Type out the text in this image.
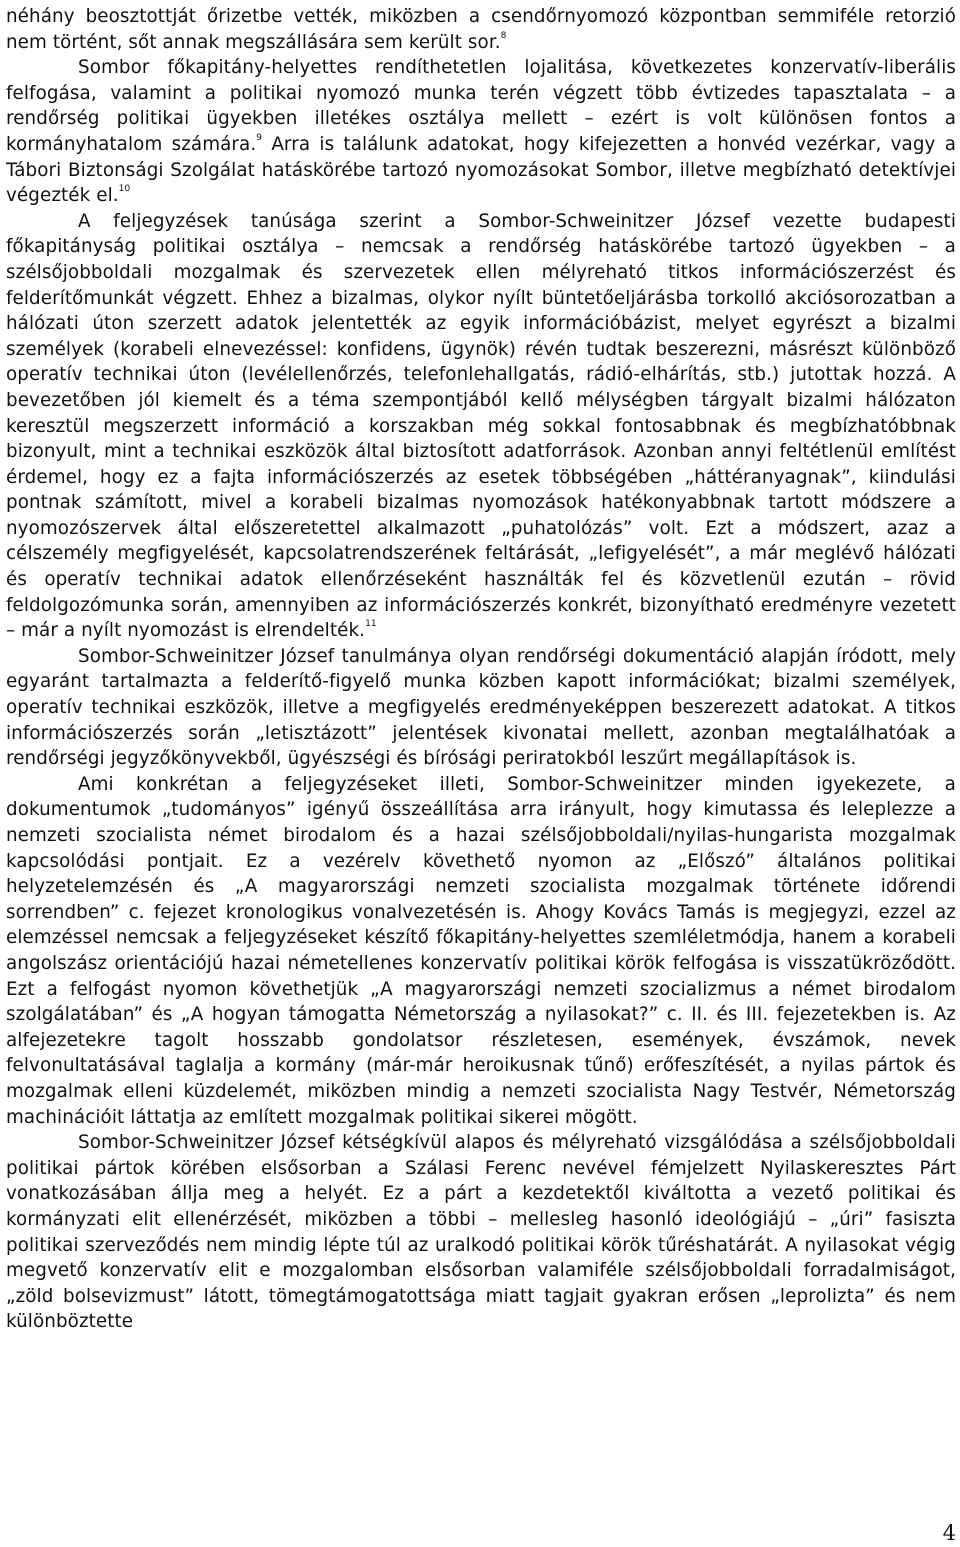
néhány beosztottját őrizetbe vették, miközben a csendőrnyomozó központban semmiféle retorzió nem történt, sőt annak megszállására sem került sor.$^8$

Sombor főkapitány-helyettes rendíthetetlen lojalitása, következetes konzervatív-liberális felfogása, valamint a politikai nyomozó munka terén végzett több évtizedes tapasztalata – a rendőrség politikai ügyekben illetékes osztálya mellett – ezért is volt különösen fontos a kormányhatalom számára.$^9$ Arra is találunk adatokat, hogy kifejezetten a honvéd vezérkar, vagy a Tábori Biztonsági Szolgálat hatáskörébe tartozó nyomozásokat Sombor, illetve megbízható detektívjei végezték el.$^{10}$

A feljegyzések tanúsága szerint a Sombor-Schweinitzer József vezette budapesti főkapitányság politikai osztálya – nemcsak a rendőrség hatáskörébe tartozó ügyekben – a szélsőjobboldali mozgalmak és szervezetek ellen mélyreható titkos információszerzést és felderítőmunkát végzett. Ehhez a bizalmas, olykor nyílt büntetőeljárásba torkolló akciósorozatban a hálózati úton szerzett adatok jelentették az egyik információbázist, melyet egyrészt a bizalmi személyek (korabeli elnevezéssel: konfidens, ügynök) révén tudtak beszerezni, másrészt különböző operatív technikai úton (levélellenőrzés, telefonlehallgatás, rádió-elhárítás, stb.) jutottak hozzá. A bevezetőben jól kiemelt és a téma szempontjából kellő mélységben tárgyalt bizalmi hálózaton keresztül megszerzett információ a korszakban még sokkal fontosabbnak és megbízhatóbbnak bizonyult, mint a technikai eszközök által biztosított adatforrások. Azonban annyi feltétlenül említést érdemel, hogy ez a fajta információszerzés az esetek többségében „háttéranyagnak”, kiindulási pontnak számított, mivel a korabeli bizalmas nyomozások hatékonyabbnak tartott módszere a nyomozószervek által előszeretettel alkalmazott „puhatolózás” volt. Ezt a módszert, azaz a célszemély megfigyelését, kapcsolatrendszerének feltárását, „lefigyelését”, a már meglévő hálózati és operatív technikai adatok ellenőrzéseként használták fel és közvetlenül ezután – rövid feldolgozómunka során, amennyiben az információszerzés konkrét, bizonyítható eredményre vezetett – már a nyílt nyomozást is elrendelték.$^{11}$

Sombor-Schweinitzer József tanulmánya olyan rendőrségi dokumentáció alapján íródott, mely egyaránt tartalmazta a felderítő-figyelő munka közben kapott információkat; bizalmi személyek, operatív technikai eszközök, illetve a megfigyelés eredményeképpen beszerezett adatokat. A titkos információszerzés során „letisztázott” jelentések kivonatai mellett, azonban megtalálhatóak a rendőrségi jegyzőkönyvekből, ügyészségi és bírósági periratokból leszűrt megállapítások is.

Ami konkrétan a feljegyzéseket illeti, Sombor-Schweinitzer minden igyekezete, a dokumentumok „tudományos” igényű összeállítása arra irányult, hogy kimutassa és leleplezze a nemzeti szocialista német birodalom és a hazai szélsőjobboldali/nyilas-hungarista mozgalmak kapcsolódási pontjait. Ez a vezérelv követhető nyomon az „Előszó” általános politikai helyzetelemzésén és „A magyarországi nemzeti szocialista mozgalmak története időrendi sorrendben” c. fejezet kronologikus vonalvezetésén is. Ahogy Kovács Tamás is megjegyzi, ezzel az elemzéssel nemcsak a feljegyzéseket készítő főkapitány-helyettes szemléletmódja, hanem a korabeli angolszász orientációjú hazai németellenes konzervatív politikai körök felfogása is visszatükröződött. Ezt a felfogást nyomon követhetjük „A magyarországi nemzeti szocializmus a német birodalom szolgálatában” és „A hogyan támogatta Németország a nyilasokat?” c. II. és III. fejezetekben is. Az alfejezetekre tagolt hosszabb gondolatsor részletesen, események, évszámok, nevek felvonultatásával taglalja a kormány (már-már heroikusnak tűnő) erőfeszítését, a nyilas pártok és mozgalmak elleni küzdelemét, miközben mindig a nemzeti szocialista Nagy Testvér, Németország machinációit láttatja az említett mozgalmak politikai sikerei mögött.

Sombor-Schweinitzer József kétségkívül alapos és mélyreható vizsgálódása a szélsőjobboldali politikai pártok körében elsősorban a Szálasi Ferenc nevével fémjelzett Nyilaskeresztes Párt vonatkozásában állja meg a helyét. Ez a párt a kezdetektől kiváltotta a vezető politikai és kormányzati elit ellenérzését, miközben a többi – mellesleg hasonló ideológiájú – „úri” fasiszta politikai szerveződés nem mindig lépte túl az uralkodó politikai körök tűréshatárát. A nyilasokat végig megvető konzervatív elit e mozgalomban elsősorban valamiféle szélsőjobboldali forradalmiságot, „zöld bolsevizmust” látott, tömegtámogatottsága miatt tagjait gyakran erősen „leprolizta” és nem különböztette

4
